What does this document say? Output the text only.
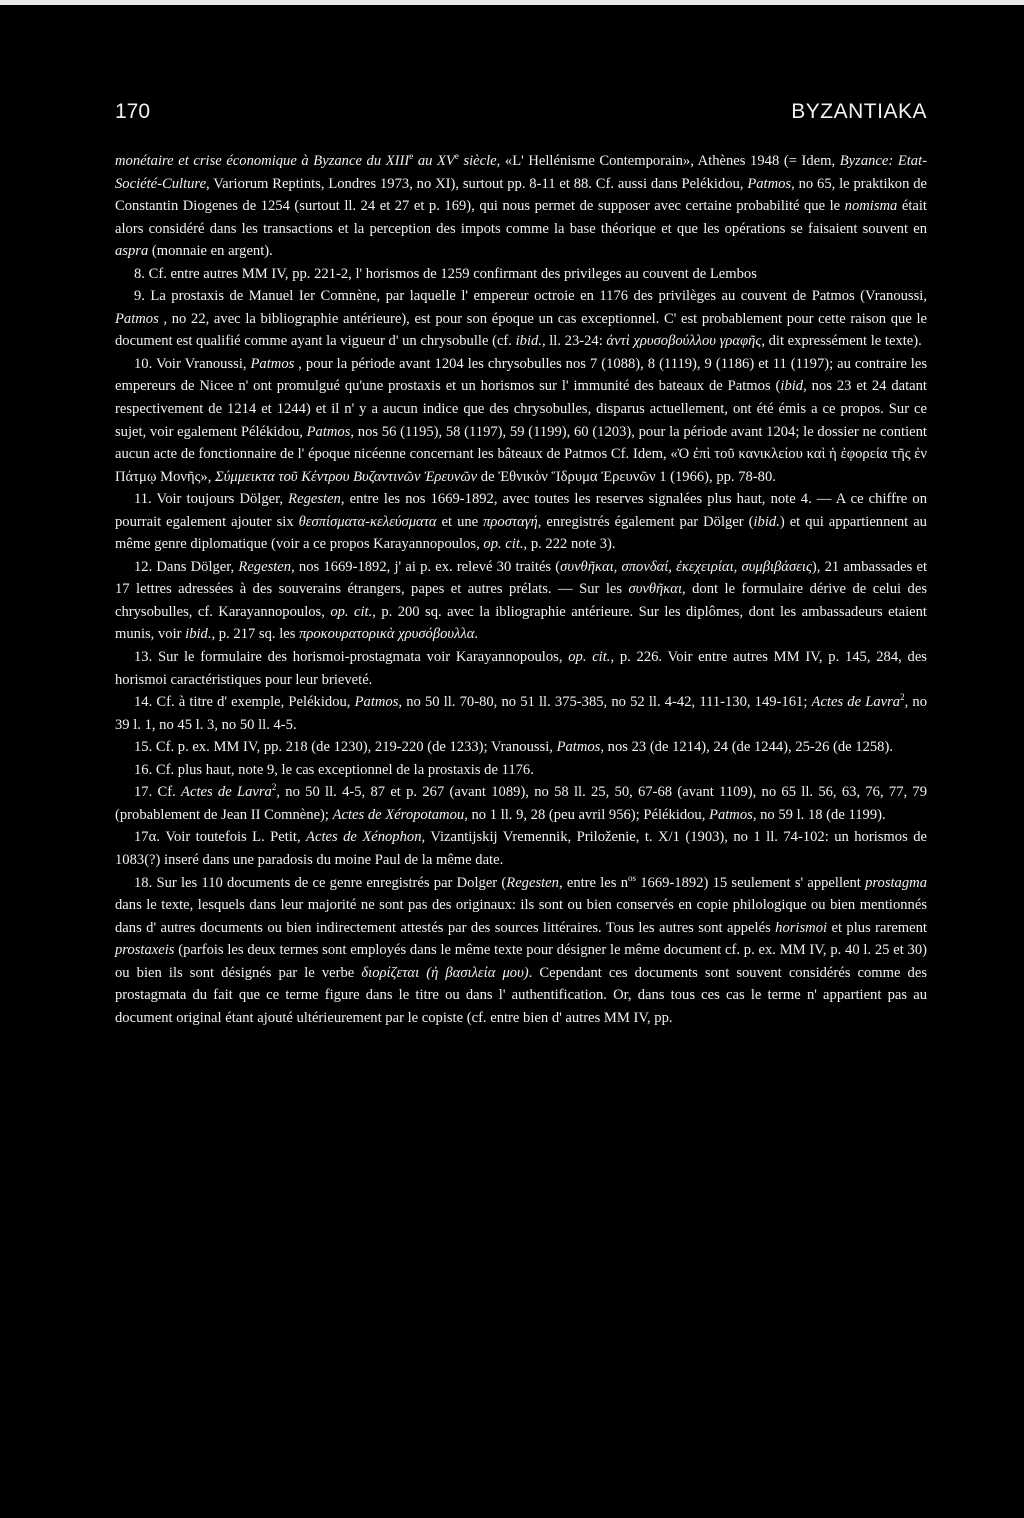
170	BYZANTIAKA

monétaire et crise économique à Byzance du XIIIe au XVe siècle, «L' Hellénisme Contemporain», Athènes 1948 (= Idem, Byzance: Etat-Société-Culture, Variorum Reptints, Londres 1973, no XI), surtout pp. 8-11 et 88. Cf. aussi dans Pelékidou, Patmos, no 65, le praktikon de Constantin Diogenes de 1254 (surtout ll. 24 et 27 et p. 169), qui nous permet de supposer avec certaine probabilité que le nomisma était alors considéré dans les transactions et la perception des impots comme la base théorique et que les opérations se faisaient souvent en aspra (monnaie en argent).

8. Cf. entre autres MM IV, pp. 221-2, l' horismos de 1259 confirmant des privileges au couvent de Lembos

9. La prostaxis de Manuel Ier Comnène, par laquelle l' empereur octroie en 1176 des privilèges au couvent de Patmos (Vranoussi, Patmos , no 22, avec la bibliographie antérieure), est pour son époque un cas exceptionnel. C' est probablement pour cette raison que le document est qualifié comme ayant la vigueur d' un chrysobulle (cf. ibid., ll. 23-24: ἀντὶ χρυσοβούλλου γραφῆς, dit expressément le texte).

10. Voir Vranoussi, Patmos , pour la période avant 1204 les chrysobulles nos 7 (1088), 8 (1119), 9 (1186) et 11 (1197); au contraire les empereurs de Nicee n' ont promulgué qu'une prostaxis et un horismos sur l' immunité des bateaux de Patmos (ibid, nos 23 et 24 datant respectivement de 1214 et 1244) et il n' y a aucun indice que des chrysobulles, disparus actuellement, ont été émis a ce propos. Sur ce sujet, voir egalement Pélékidou, Patmos, nos 56 (1195), 58 (1197), 59 (1199), 60 (1203), pour la période avant 1204; le dossier ne contient aucun acte de fonctionnaire de l' époque nicéenne concernant les bâteaux de Patmos Cf. Idem, «Ὁ ἐπὶ τοῦ κανικλείου καὶ ἡ ἐφορεία τῆς ἐν Πάτμῳ Μονῆς», Σύμμεικτα τοῦ Κέντρου Βυζαντινῶν Ἐρευνῶν de Ἐθνικὸν Ἵδρυμα Ἐρευνῶν 1 (1966), pp. 78-80.

11. Voir toujours Dölger, Regesten, entre les nos 1669-1892, avec toutes les reserves signalées plus haut, note 4. — A ce chiffre on pourrait egalement ajouter six θεσπίσματα-κελεύσματα et une προσταγή, enregistrés également par Dölger (ibid.) et qui appartiennent au même genre diplomatique (voir a ce propos Karayannopoulos, op. cit., p. 222 note 3).

12. Dans Dölger, Regesten, nos 1669-1892, j' ai p. ex. relevé 30 traités (συνθῆκαι, σπονδαί, ἐκεχειρίαι, συμβιβάσεις), 21 ambassades et 17 lettres adressées à des souverains étrangers, papes et autres prélats. — Sur les συνθῆκαι, dont le formulaire dérive de celui des chrysobulles, cf. Karayannopoulos, op. cit., p. 200 sq. avec la ibliographie antérieure. Sur les diplômes, dont les ambassadeurs etaient munis, voir ibid., p. 217 sq. les προκουρατορικὰ χρυσόβουλλα.

13. Sur le formulaire des horismoi-prostagmata voir Karayannopoulos, op. cit., p. 226. Voir entre autres MM IV, p. 145, 284, des horismoi caractéristiques pour leur brieveté.

14. Cf. à titre d' exemple, Pelékidou, Patmos, no 50 ll. 70-80, no 51 ll. 375-385, no 52 ll. 4-42, 111-130, 149-161; Actes de Lavra$^2$, no 39 l. 1, no 45 l. 3, no 50 ll. 4-5.

15. Cf. p. ex. MM IV, pp. 218 (de 1230), 219-220 (de 1233); Vranoussi, Patmos, nos 23 (de 1214), 24 (de 1244), 25-26 (de 1258).

16. Cf. plus haut, note 9, le cas exceptionnel de la prostaxis de 1176.

17. Cf. Actes de Lavra$^2$, no 50 ll. 4-5, 87 et p. 267 (avant 1089), no 58 ll. 25, 50, 67-68 (avant 1109), no 65 ll. 56, 63, 76, 77, 79 (probablement de Jean II Comnène); Actes de Xéropotamou, no 1 ll. 9, 28 (peu avril 956); Pélékidou, Patmos, no 59 l. 18 (de 1199).

17α. Voir toutefois L. Petit, Actes de Xénophon, Vizantijskij Vremennik, Priloženie, t. X/1 (1903), no 1 ll. 74-102: un horismos de 1083(?) inseré dans une paradosis du moine Paul de la même date.

18. Sur les 110 documents de ce genre enregistrés par Dolger (Regesten, entre les $n^{os}$ 1669-1892) 15 seulement s' appellent prostagma dans le texte, lesquels dans leur majorité ne sont pas des originaux: ils sont ou bien conservés en copie philologique ou bien mentionnés dans d' autres documents ou bien indirectement attestés par des sources littéraires. Tous les autres sont appelés horismoi et plus rarement prostaxeis (parfois les deux termes sont employés dans le même texte pour désigner le même document cf. p. ex. MM IV, p. 40 l. 25 et 30) ou bien ils sont désignés par le verbe διορίζεται (ἡ βασιλεία μου). Cependant ces documents sont souvent considérés comme des prostagmata du fait que ce terme figure dans le titre ou dans l' authentification. Or, dans tous ces cas le terme n' appartient pas au document original étant ajouté ultérieurement par le copiste (cf. entre bien d' autres MM IV, pp.
